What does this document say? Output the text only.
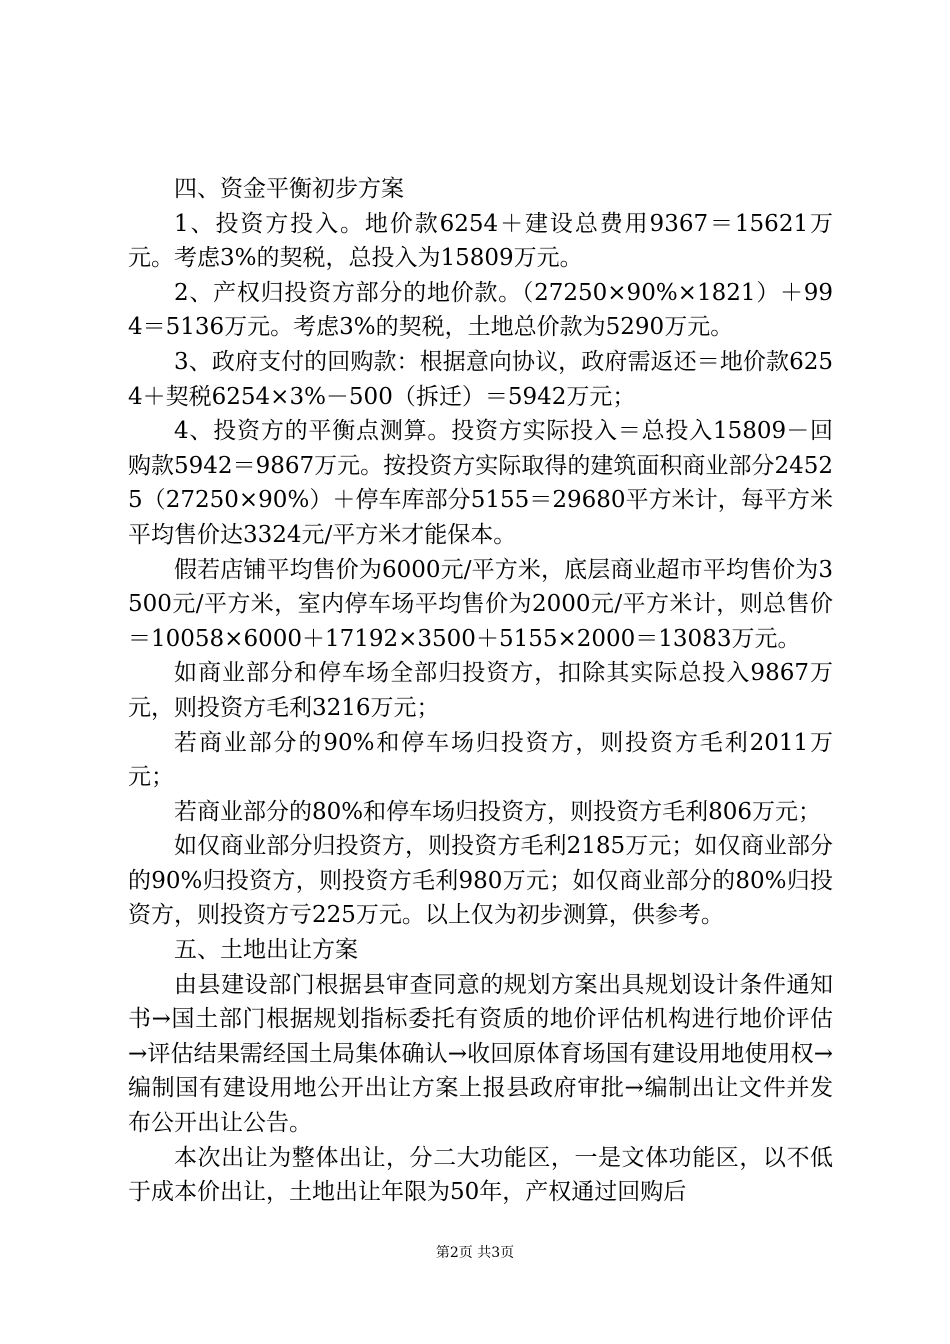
四、资金平衡初步方案

1、投资方投入。地价款6254＋建设总费用9367＝15621万元。考虑3%的契税，总投入为15809万元。

2、产权归投资方部分的地价款。（27250×90%×1821）＋994＝5136万元。考虑3%的契税，土地总价款为5290万元。

3、政府支付的回购款：根据意向协议，政府需返还＝地价款6254＋契税6254×3%－500（拆迁）＝5942万元；

4、投资方的平衡点测算。投资方实际投入＝总投入15809－回购款5942＝9867万元。按投资方实际取得的建筑面积商业部分24525（27250×90%）＋停车库部分5155＝29680平方米计，每平方米平均售价达3324元/平方米才能保本。

假若店铺平均售价为6000元/平方米，底层商业超市平均售价为3500元/平方米，室内停车场平均售价为2000元/平方米计，则总售价＝10058×6000＋17192×3500＋5155×2000＝13083万元。

如商业部分和停车场全部归投资方，扣除其实际总投入9867万元，则投资方毛利3216万元；

若商业部分的90%和停车场归投资方，则投资方毛利2011万元；

若商业部分的80%和停车场归投资方，则投资方毛利806万元；

如仅商业部分归投资方，则投资方毛利2185万元；如仅商业部分的90%归投资方，则投资方毛利980万元；如仅商业部分的80%归投资方，则投资方亏225万元。以上仅为初步测算，供参考。

五、土地出让方案

由县建设部门根据县审查同意的规划方案出具规划设计条件通知书→国土部门根据规划指标委托有资质的地价评估机构进行地价评估→评估结果需经国土局集体确认→收回原体育场国有建设用地使用权→编制国有建设用地公开出让方案上报县政府审批→编制出让文件并发布公开出让公告。

本次出让为整体出让，分二大功能区，一是文体功能区，以不低于成本价出让，土地出让年限为50年，产权通过回购后

第2页 共3页
